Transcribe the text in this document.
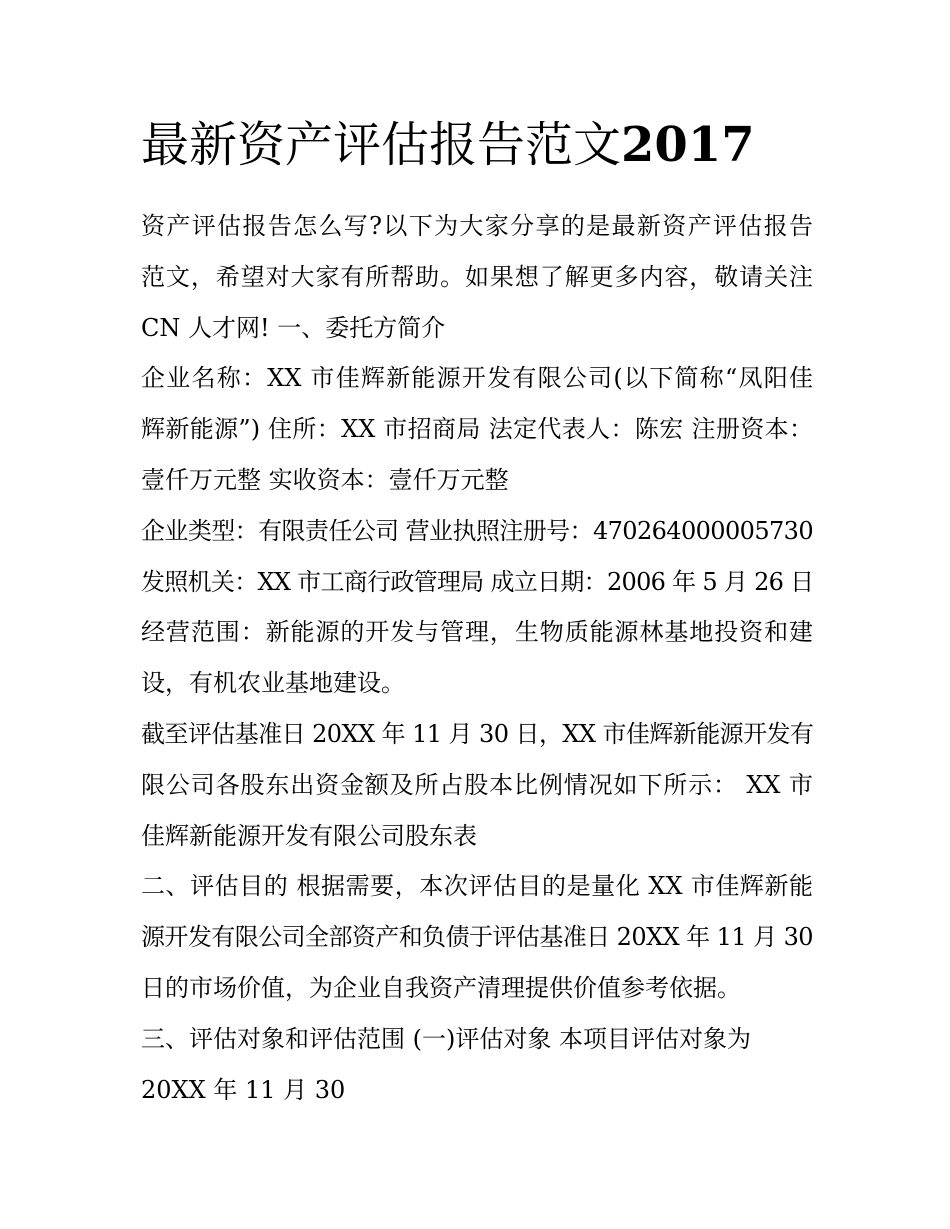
最新资产评估报告范文2017
资产评估报告怎么写?以下为大家分享的是最新资产评估报告
范文，希望对大家有所帮助。如果想了解更多内容，敬请关注
CN 人才网! 一、委托方简介
企业名称：XX 市佳辉新能源开发有限公司(以下简称“凤阳佳
辉新能源”) 住所：XX 市招商局 法定代表人：陈宏 注册资本：
壹仟万元整 实收资本：壹仟万元整
企业类型：有限责任公司 营业执照注册号：470264000005730
发照机关：XX 市工商行政管理局 成立日期：2006 年 5 月 26 日
经营范围：新能源的开发与管理，生物质能源林基地投资和建
设，有机农业基地建设。
截至评估基准日 20XX 年 11 月 30 日，XX 市佳辉新能源开发有
限公司各股东出资金额及所占股本比例情况如下所示： XX 市
佳辉新能源开发有限公司股东表
二、评估目的 根据需要，本次评估目的是量化 XX 市佳辉新能
源开发有限公司全部资产和负债于评估基准日 20XX 年 11 月 30
日的市场价值，为企业自我资产清理提供价值参考依据。
三、评估对象和评估范围 (一)评估对象 本项目评估对象为
20XX 年 11 月 30
